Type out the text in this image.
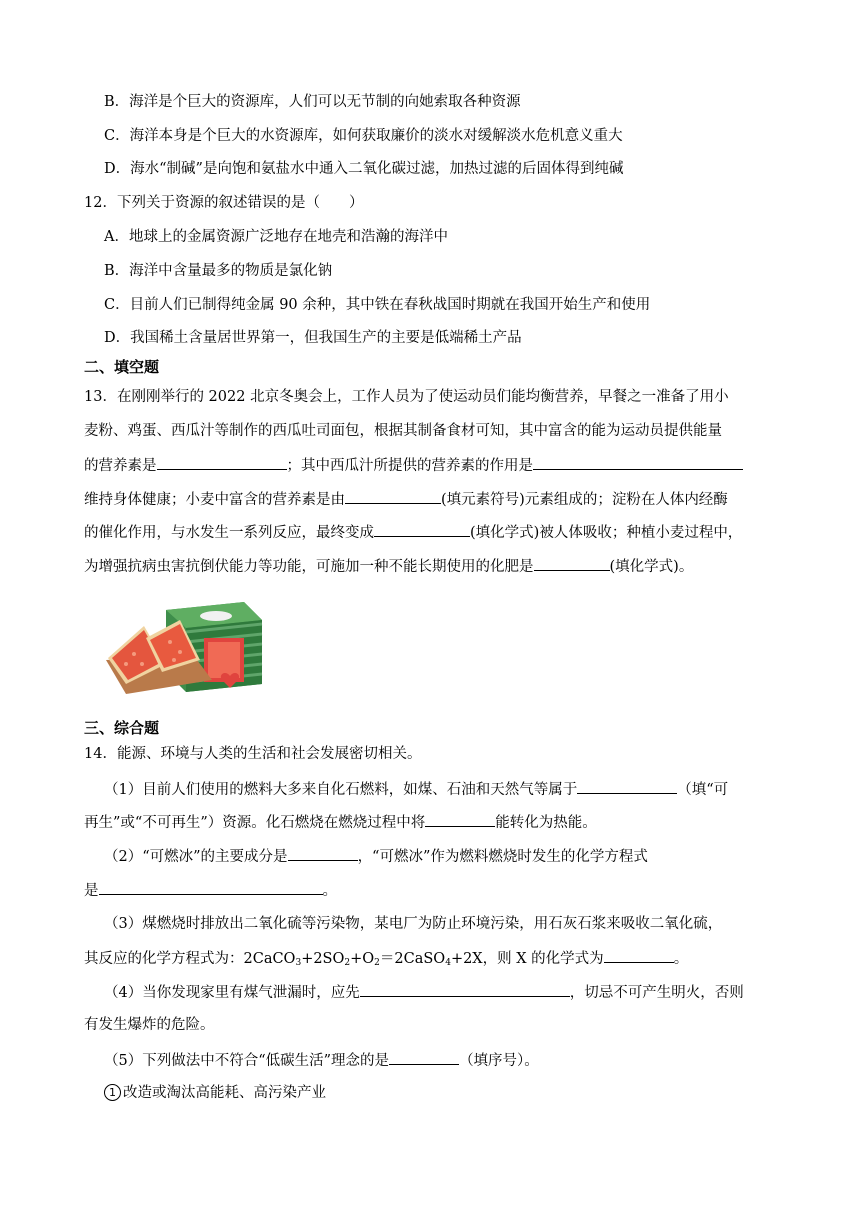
B．海洋是个巨大的资源库，人们可以无节制的向她索取各种资源
C．海洋本身是个巨大的水资源库，如何获取廉价的淡水对缓解淡水危机意义重大
D．海水“制碱”是向饱和氨盐水中通入二氧化碳过滤，加热过滤的后固体得到纯碱
12．下列关于资源的叙述错误的是（　　）
A．地球上的金属资源广泛地存在地壳和浩瀚的海洋中
B．海洋中含量最多的物质是氯化钠
C．目前人们已制得纯金属 90 余种，其中铁在春秋战国时期就在我国开始生产和使用
D．我国稀土含量居世界第一，但我国生产的主要是低端稀土产品
二、填空题
13．在刚刚举行的 2022 北京冬奥会上，工作人员为了使运动员们能均衡营养，早餐之一准备了用小
麦粉、鸡蛋、西瓜汁等制作的西瓜吐司面包，根据其制备食材可知，其中富含的能为运动员提供能量
的营养素是	；其中西瓜汁所提供的营养素的作用是
维持身体健康；小麦中富含的营养素是由	(填元素符号)元素组成的；淀粉在人体内经酶
的催化作用，与水发生一系列反应，最终变成	(填化学式)被人体吸收；种植小麦过程中，
为增强抗病虫害抗倒伏能力等功能，可施加一种不能长期使用的化肥是	(填化学式)。
三、综合题
14．能源、环境与人类的生活和社会发展密切相关。
（1）目前人们使用的燃料大多来自化石燃料，如煤、石油和天然气等属于	（填“可
再生”或“不可再生”）资源。化石燃烧在燃烧过程中将	能转化为热能。
（2）“可燃冰”的主要成分是	，“可燃冰”作为燃料燃烧时发生的化学方程式
是	。
（3）煤燃烧时排放出二氧化硫等污染物，某电厂为防止环境污染，用石灰石浆来吸收二氧化硫，
其反应的化学方程式为：$2CaCO_3+2SO_2+O_2=2CaSO_4+2X$，则 X 的化学式为	。
（4）当你发现家里有煤气泄漏时，应先	，切忌不可产生明火，否则
有发生爆炸的危险。
（5）下列做法中不符合“低碳生活”理念的是	（填序号）。
1 改造或淘汰高能耗、高污染产业
